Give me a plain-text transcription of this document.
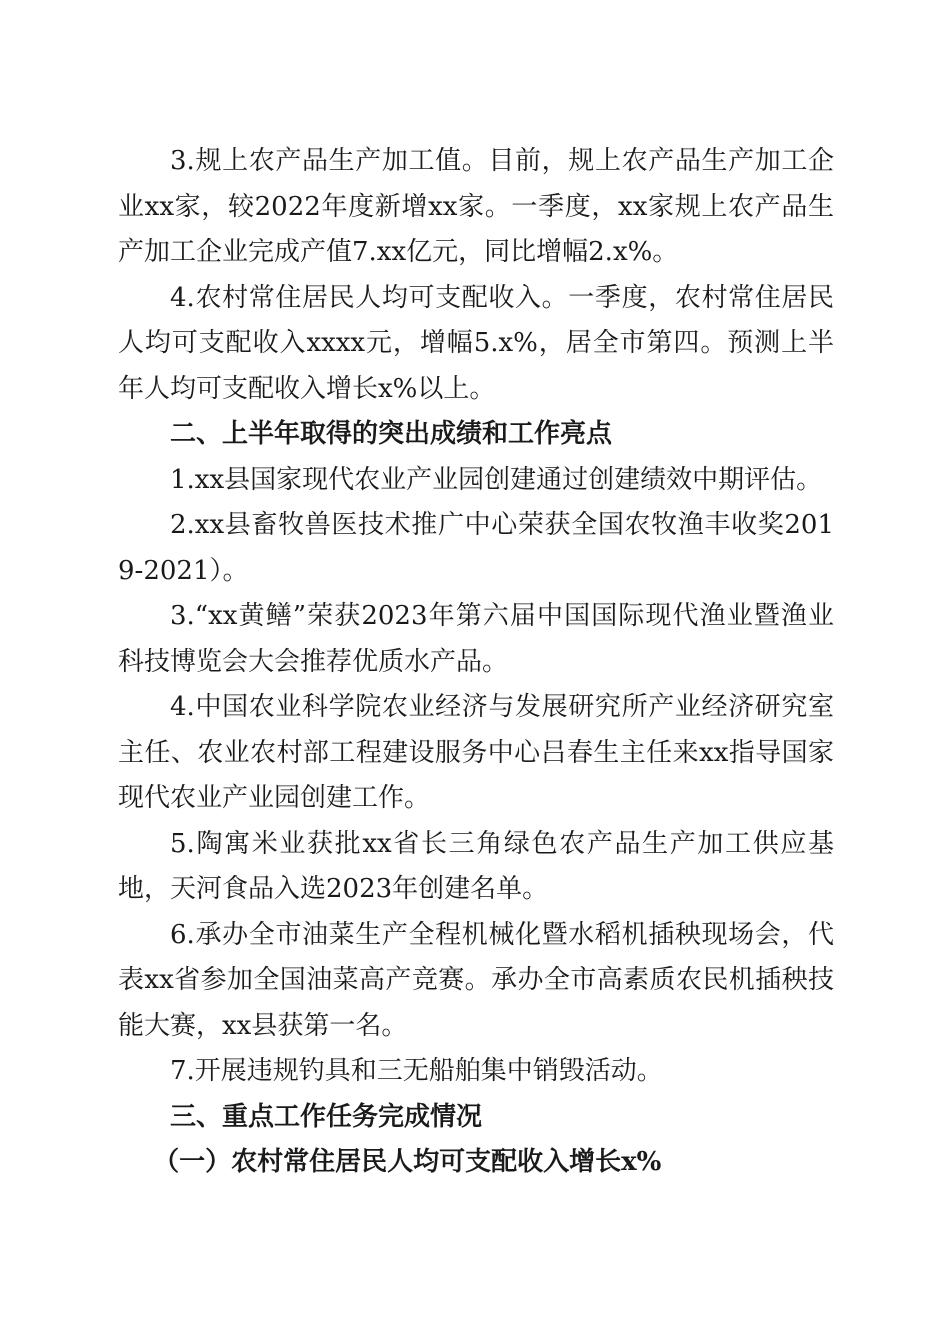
3.规上农产品生产加工值。目前，规上农产品生产加工企业xx家，较2022年度新增xx家。一季度，xx家规上农产品生产加工企业完成产值7.xx亿元，同比增幅2.x%。

4.农村常住居民人均可支配收入。一季度，农村常住居民人均可支配收入xxxx元，增幅5.x%，居全市第四。预测上半年人均可支配收入增长x%以上。

二、上半年取得的突出成绩和工作亮点

1.xx县国家现代农业产业园创建通过创建绩效中期评估。

2.xx县畜牧兽医技术推广中心荣获全国农牧渔丰收奖2019-2021）。

3.“xx黄鳝”荣获2023年第六届中国国际现代渔业暨渔业科技博览会大会推荐优质水产品。

4.中国农业科学院农业经济与发展研究所产业经济研究室主任、农业农村部工程建设服务中心吕春生主任来xx指导国家现代农业产业园创建工作。

5.陶寓米业获批xx省长三角绿色农产品生产加工供应基地，天河食品入选2023年创建名单。

6.承办全市油菜生产全程机械化暨水稻机插秧现场会，代表xx省参加全国油菜高产竞赛。承办全市高素质农民机插秧技能大赛，xx县获第一名。

7.开展违规钓具和三无船舶集中销毁活动。

三、重点工作任务完成情况

（一）农村常住居民人均可支配收入增长x%
